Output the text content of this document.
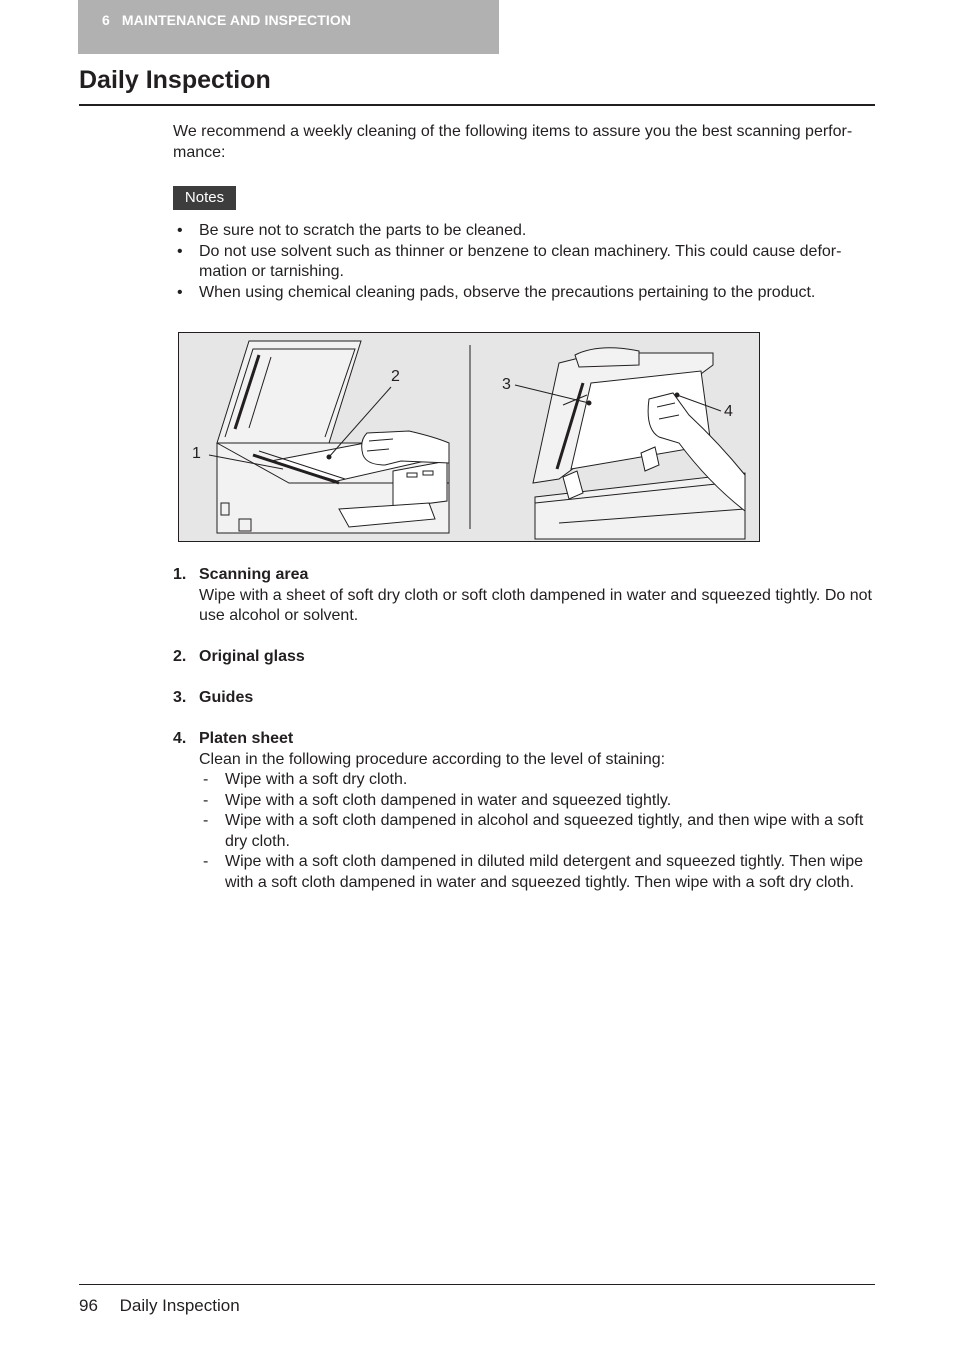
6   MAINTENANCE AND INSPECTION
Daily Inspection

We recommend a weekly cleaning of the following items to assure you the best scanning perfor-mance:

Notes
• Be sure not to scratch the parts to be cleaned.
• Do not use solvent such as thinner or benzene to clean machinery. This could cause defor-mation or tarnishing.
• When using chemical cleaning pads, observe the precautions pertaining to the product.
1
2	3
4
1. Scanning area
Wipe with a sheet of soft dry cloth or soft cloth dampened in water and squeezed tightly. Do not use alcohol or solvent.
2. Original glass
3. Guides
4. Platen sheet
Clean in the following procedure according to the level of staining:
- Wipe with a soft dry cloth.
- Wipe with a soft cloth dampened in water and squeezed tightly.
- Wipe with a soft cloth dampened in alcohol and squeezed tightly, and then wipe with a soft dry cloth.
- Wipe with a soft cloth dampened in diluted mild detergent and squeezed tightly. Then wipe with a soft cloth dampened in water and squeezed tightly. Then wipe with a soft dry cloth.
96 Daily Inspection
